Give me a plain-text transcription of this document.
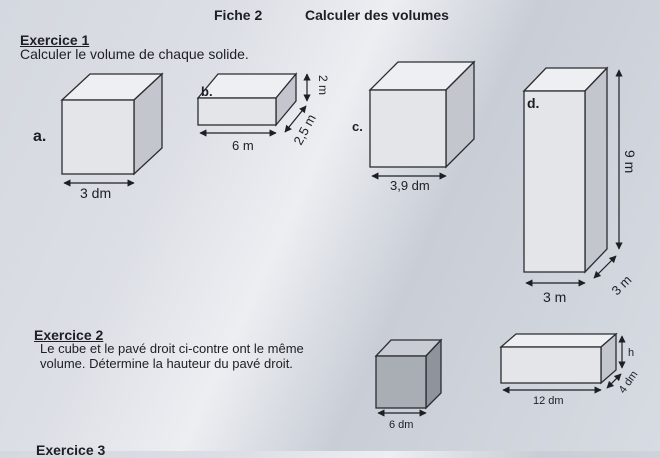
Fiche 2	Calculer des volumes
Exercice 1
Calculer le volume de chaque solide.
Exercice 2
Le cube et le pavé droit ci-contre ont le même
volume. Détermine la hauteur du pavé droit.
Exercice 3
a.
3 dm
b.
6 m
2 m
2,5 m	c.
3,9 dm
d.
3 m
9 m
3 m
6 dm
12 dm
h
4 dm
